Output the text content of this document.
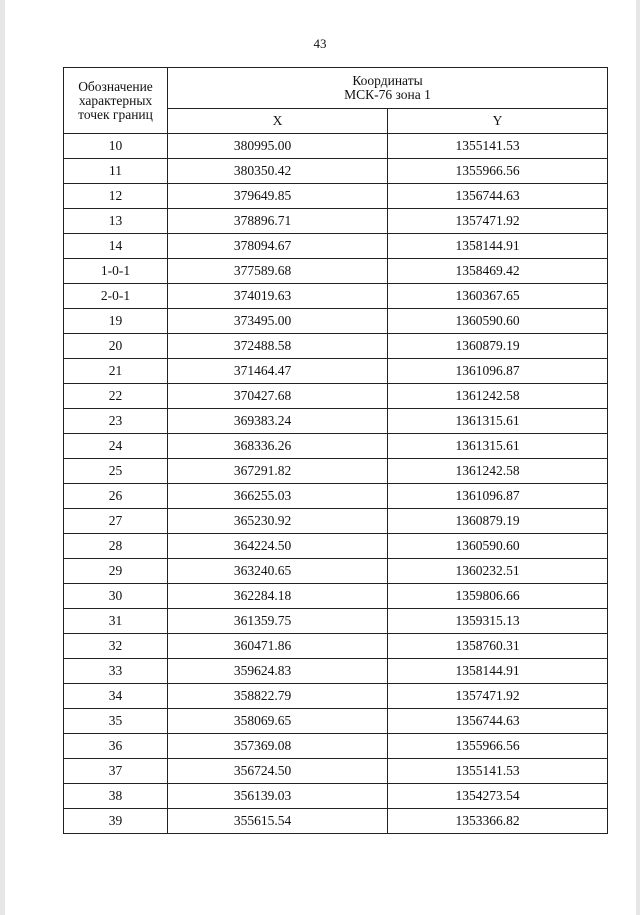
43
Обозначение характерных точек границ	Координаты
МСК-76 зона 1	

	X	Y
10	380995.00	1355141.53
11	380350.42	1355966.56
12	379649.85	1356744.63
13	378896.71	1357471.92
14	378094.67	1358144.91
1-0-1	377589.68	1358469.42
2-0-1	374019.63	1360367.65
19	373495.00	1360590.60
20	372488.58	1360879.19
21	371464.47	1361096.87
22	370427.68	1361242.58
23	369383.24	1361315.61
24	368336.26	1361315.61
25	367291.82	1361242.58
26	366255.03	1361096.87
27	365230.92	1360879.19
28	364224.50	1360590.60
29	363240.65	1360232.51
30	362284.18	1359806.66
31	361359.75	1359315.13
32	360471.86	1358760.31
33	359624.83	1358144.91
34	358822.79	1357471.92
35	358069.65	1356744.63
36	357369.08	1355966.56
37	356724.50	1355141.53
38	356139.03	1354273.54
39	355615.54	1353366.82
